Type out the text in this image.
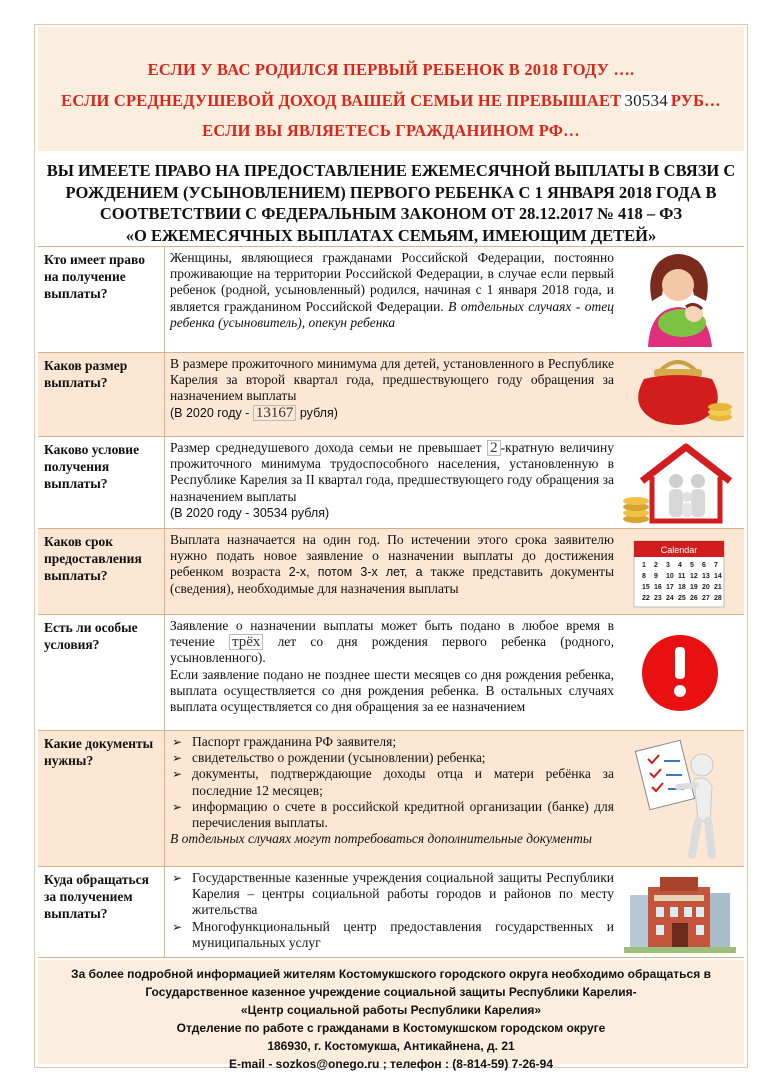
ЕСЛИ У ВАС РОДИЛСЯ ПЕРВЫЙ РЕБЕНОК В 2018 ГОДУ ….
ЕСЛИ СРЕДНЕДУШЕВОЙ ДОХОД ВАШЕЙ СЕМЬИ НЕ ПРЕВЫШАЕТ 30534 РУБ…
ЕСЛИ ВЫ ЯВЛЯЕТЕСЬ ГРАЖДАНИНОМ РФ…
ВЫ ИМЕЕТЕ ПРАВО НА ПРЕДОСТАВЛЕНИЕ ЕЖЕМЕСЯЧНОЙ ВЫПЛАТЫ В СВЯЗИ С
РОЖДЕНИЕМ (УСЫНОВЛЕНИЕМ) ПЕРВОГО РЕБЕНКА С 1 ЯНВАРЯ 2018 ГОДА В
СООТВЕТСТВИИ С ФЕДЕРАЛЬНЫМ ЗАКОНОМ ОТ 28.12.2017 № 418 – ФЗ
«О ЕЖЕМЕСЯЧНЫХ ВЫПЛАТАХ СЕМЬЯМ, ИМЕЮЩИМ ДЕТЕЙ»
Кто имеет право на получение выплаты?
Женщины, являющиеся гражданами Российской Федерации, постоянно проживающие на территории Российской Федерации, в случае если первый ребенок (родной, усыновленный) родился, начиная с 1 января 2018 года, и является гражданином Российской Федерации. В отдельных случаях - отец ребенка (усыновитель), опекун ребенка
Каков размер выплаты?

В размере прожиточного минимума для детей, установленного в Республике Карелия за второй квартал года, предшествующего году обращения за назначением выплаты

(В 2020 году - 13167 рубля)

Каково условие получения выплаты?

Размер среднедушевого дохода семьи не превышает 2 -кратную величину прожиточного минимума трудоспособного населения, установленную в Республике Карелия за II квартал года, предшествующего году обращения за назначением выплаты

(В 2020 году - 30534 рубля)

Каков срок предоставления выплаты?
Выплата назначается на один год. По истечении этого срока заявителю нужно подать новое заявление о назначении выплаты до достижения ребенком возраста 2-х, потом 3-х лет, а также представить документы (сведения), необходимые для назначения выплаты
Calendar
1 2 3 4 5 6 7
8 9 10 11 12 13 14
15 16 17 18 19 20 21
22 23 24 25 26 27 28
Есть ли особые условия?

Заявление о назначении выплаты может быть подано в любое время в течение трёх лет со дня рождения первого ребенка (родного, усыновленного).

Если заявление подано не позднее шести месяцев со дня рождения ребенка, выплата осуществляется со дня рождения ребенка. В остальных случаях выплата осуществляется со дня обращения за ее назначением

Какие документы нужны?
➢ Паспорт гражданина РФ заявителя;
➢ свидетельство о рождении (усыновлении) ребенка;
➢ документы, подтверждающие доходы отца и матери ребёнка за последние 12 месяцев;
➢ информацию о счете в российской кредитной организации (банке) для перечисления выплаты.

В отдельных случаях могут потребоваться дополнительные документы

Куда обращаться за получением выплаты?
➢ Государственные казенные учреждения социальной защиты Республики Карелия – центры социальной работы городов и районов по месту жительства
➢ Многофункциональный центр предоставления государственных и муниципальных услуг
За более подробной информацией жителям Костомукшского городского округа необходимо обращаться в
Государственное казенное учреждение социальной защиты Республики Карелия-
«Центр социальной работы Республики Карелия»
Отделение по работе с гражданами в Костомукшском городском округе
186930, г. Костомукша, Антикайнена, д. 21
E-mail - sozkos@onego.ru ; телефон : (8-814-59) 7-26-94
